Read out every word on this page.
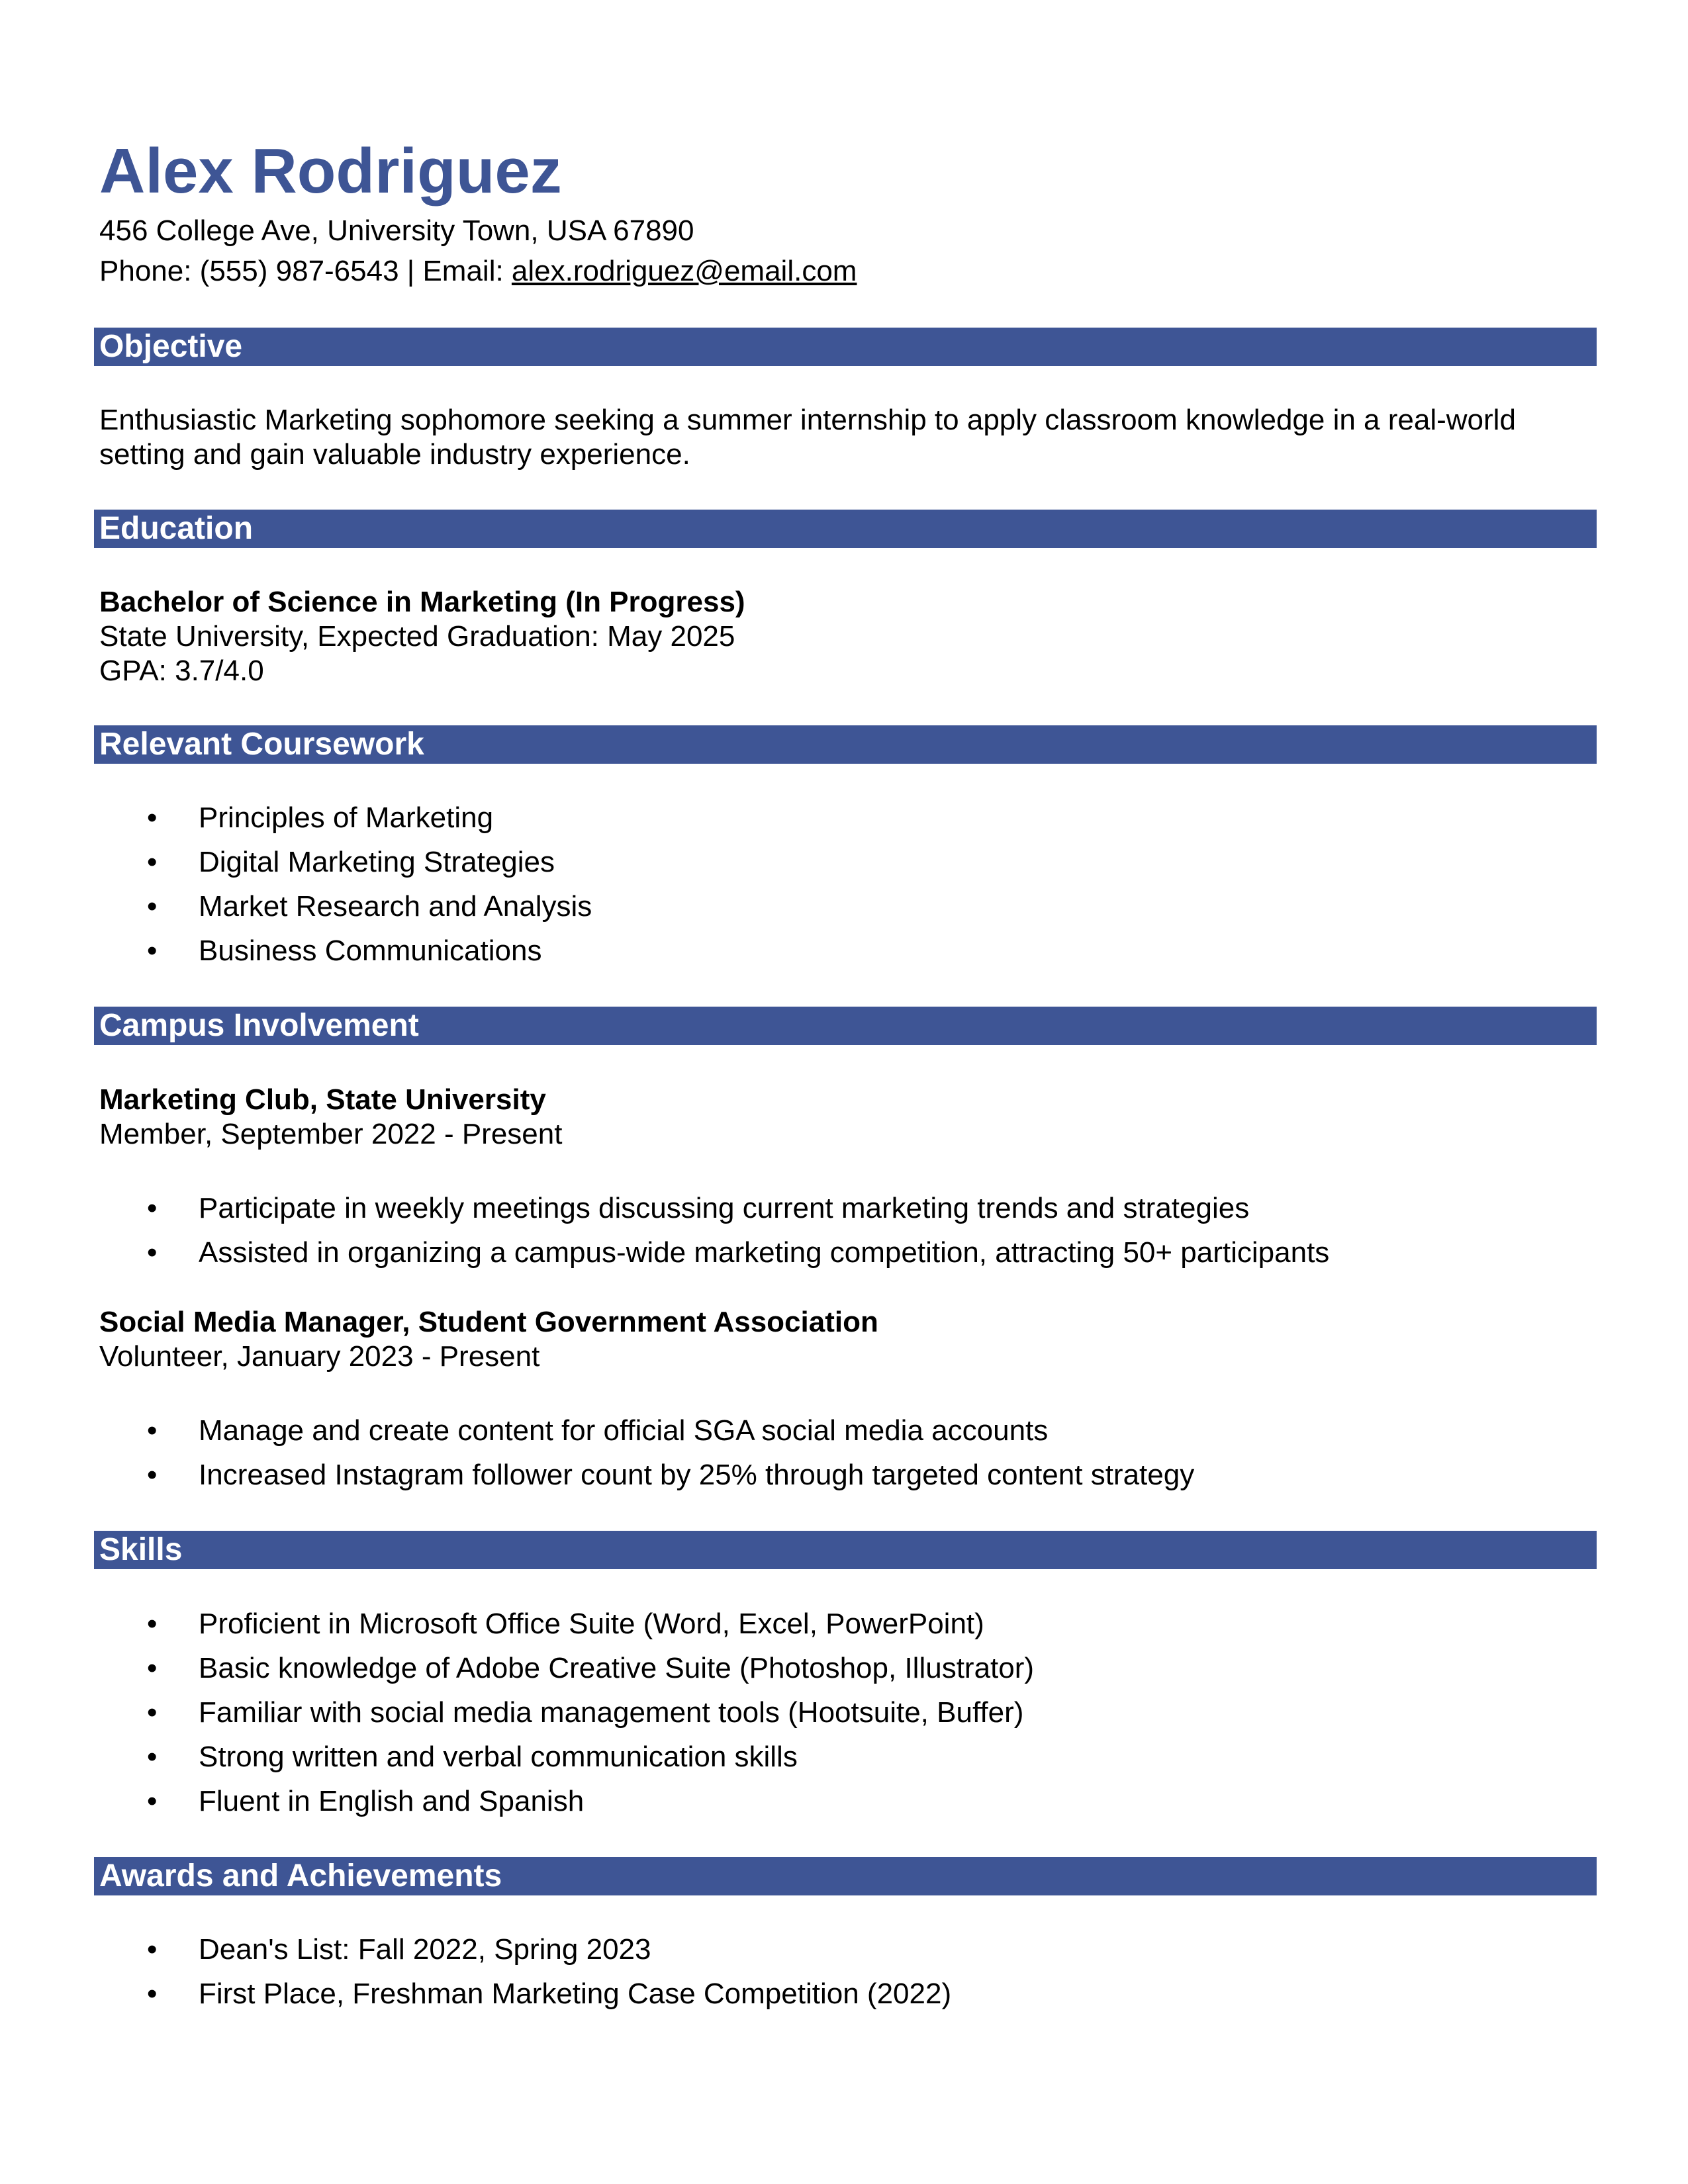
Alex Rodriguez

456 College Ave, University Town, USA 67890

Phone: (555) 987-6543 | Email: alex.rodriguez@email.com

Objective

Enthusiastic Marketing sophomore seeking a summer internship to apply classroom knowledge in a real-world setting and gain valuable industry experience.

Education

Bachelor of Science in Marketing (In Progress)

State University, Expected Graduation: May 2025

GPA: 3.7/4.0

Relevant Coursework
• Principles of Marketing
• Digital Marketing Strategies
• Market Research and Analysis
• Business Communications
Campus Involvement

Marketing Club, State University

Member, September 2022 - Present

• Participate in weekly meetings discussing current marketing trends and strategies
• Assisted in organizing a campus-wide marketing competition, attracting 50+ participants

Social Media Manager, Student Government Association

Volunteer, January 2023 - Present

• Manage and create content for official SGA social media accounts
• Increased Instagram follower count by 25% through targeted content strategy
Skills
• Proficient in Microsoft Office Suite (Word, Excel, PowerPoint)
• Basic knowledge of Adobe Creative Suite (Photoshop, Illustrator)
• Familiar with social media management tools (Hootsuite, Buffer)
• Strong written and verbal communication skills
• Fluent in English and Spanish
Awards and Achievements
• Dean's List: Fall 2022, Spring 2023
• First Place, Freshman Marketing Case Competition (2022)
